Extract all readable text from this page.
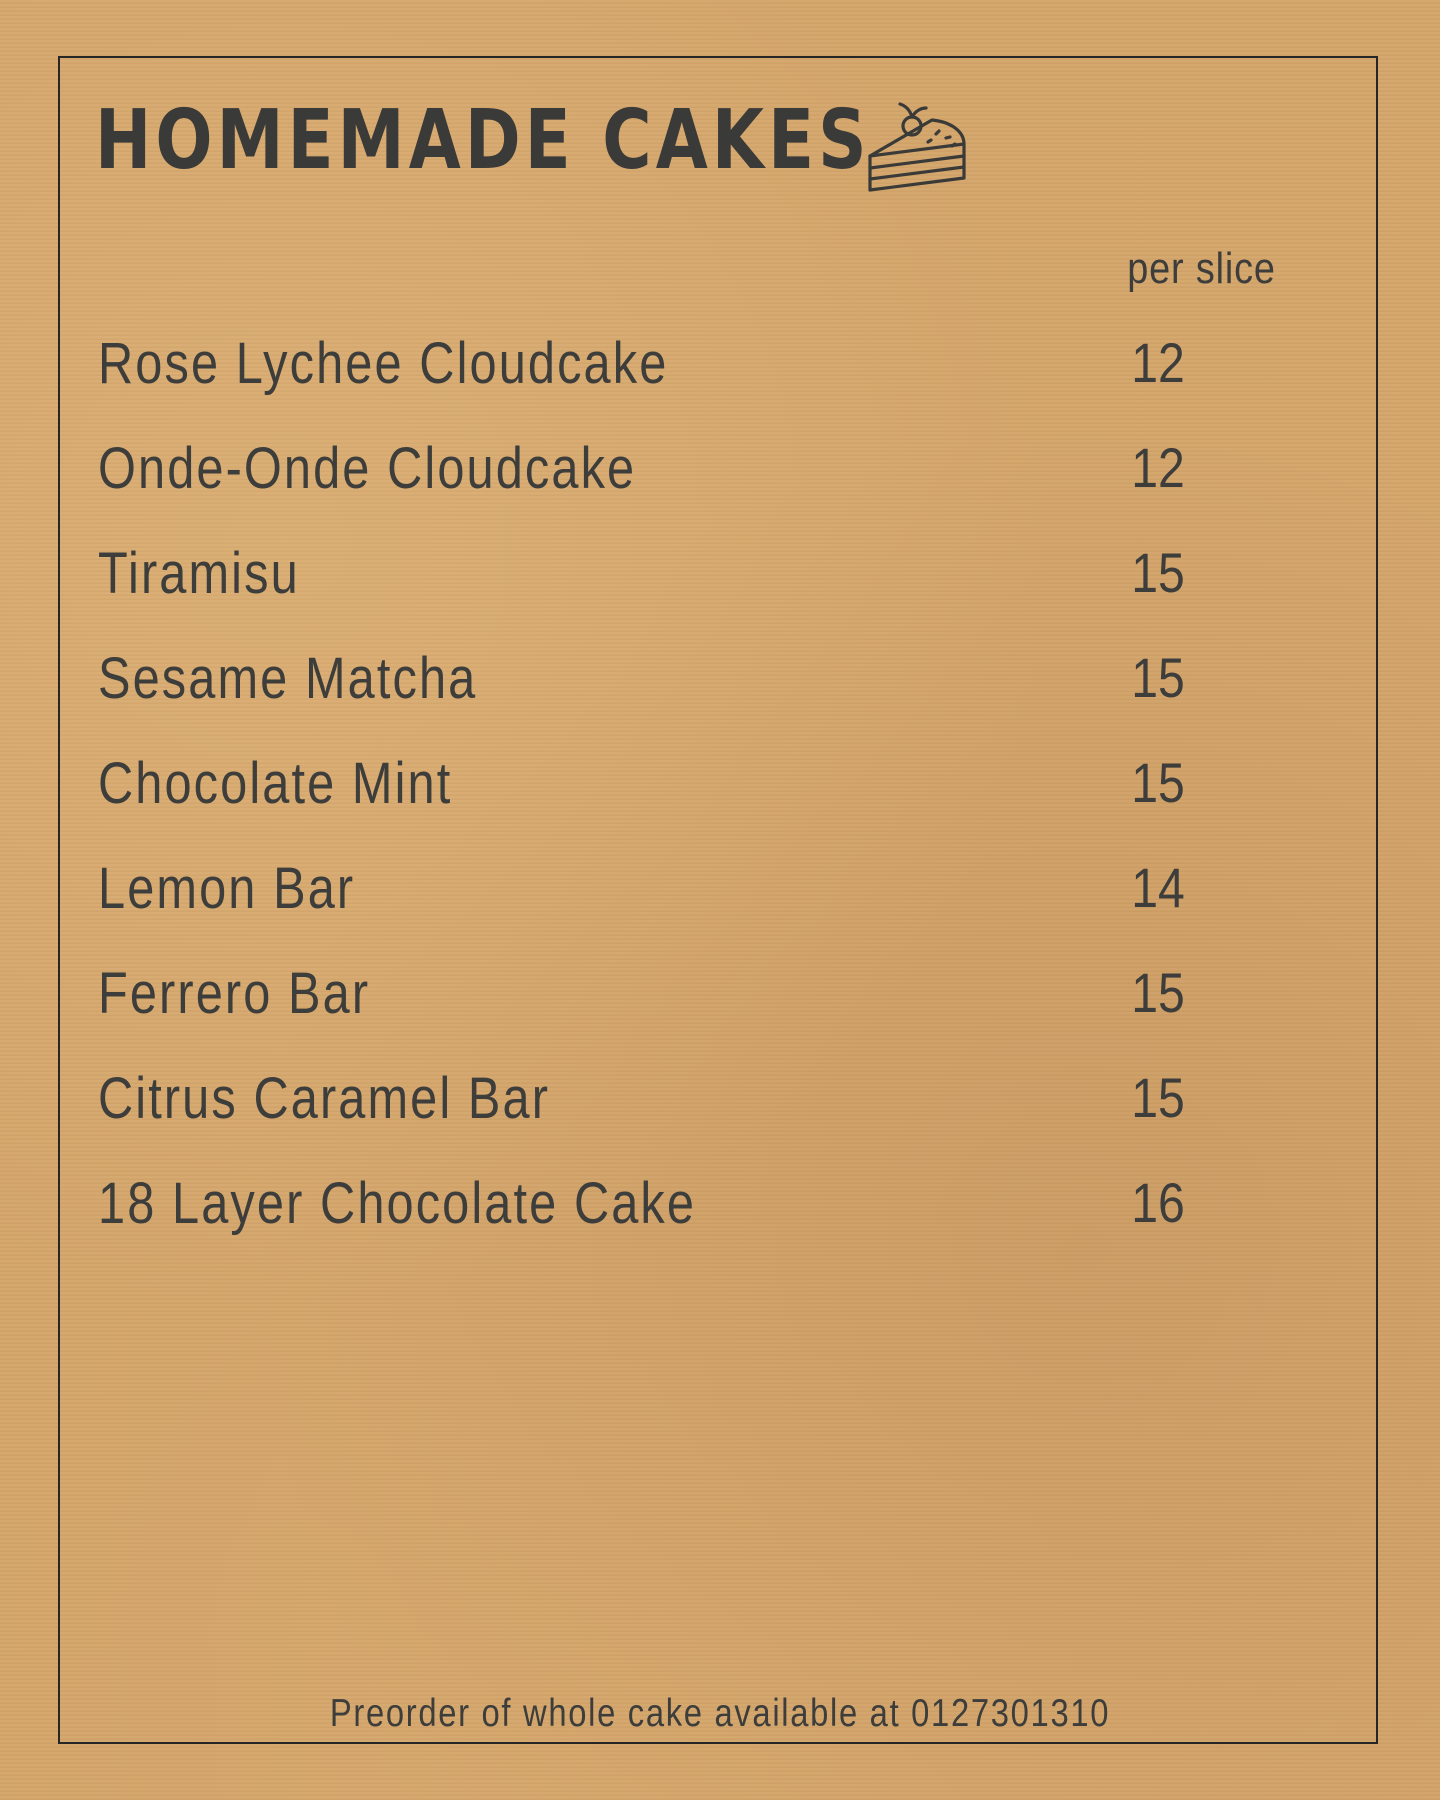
HOMEMADE CAKES
per slice
Rose Lychee Cloudcake	12
Onde-Onde Cloudcake	12
Tiramisu	15
Sesame Matcha	15
Chocolate Mint	15
Lemon Bar	14
Ferrero Bar	15
Citrus Caramel Bar	15
18 Layer Chocolate Cake	16
Preorder of whole cake available at 0127301310
